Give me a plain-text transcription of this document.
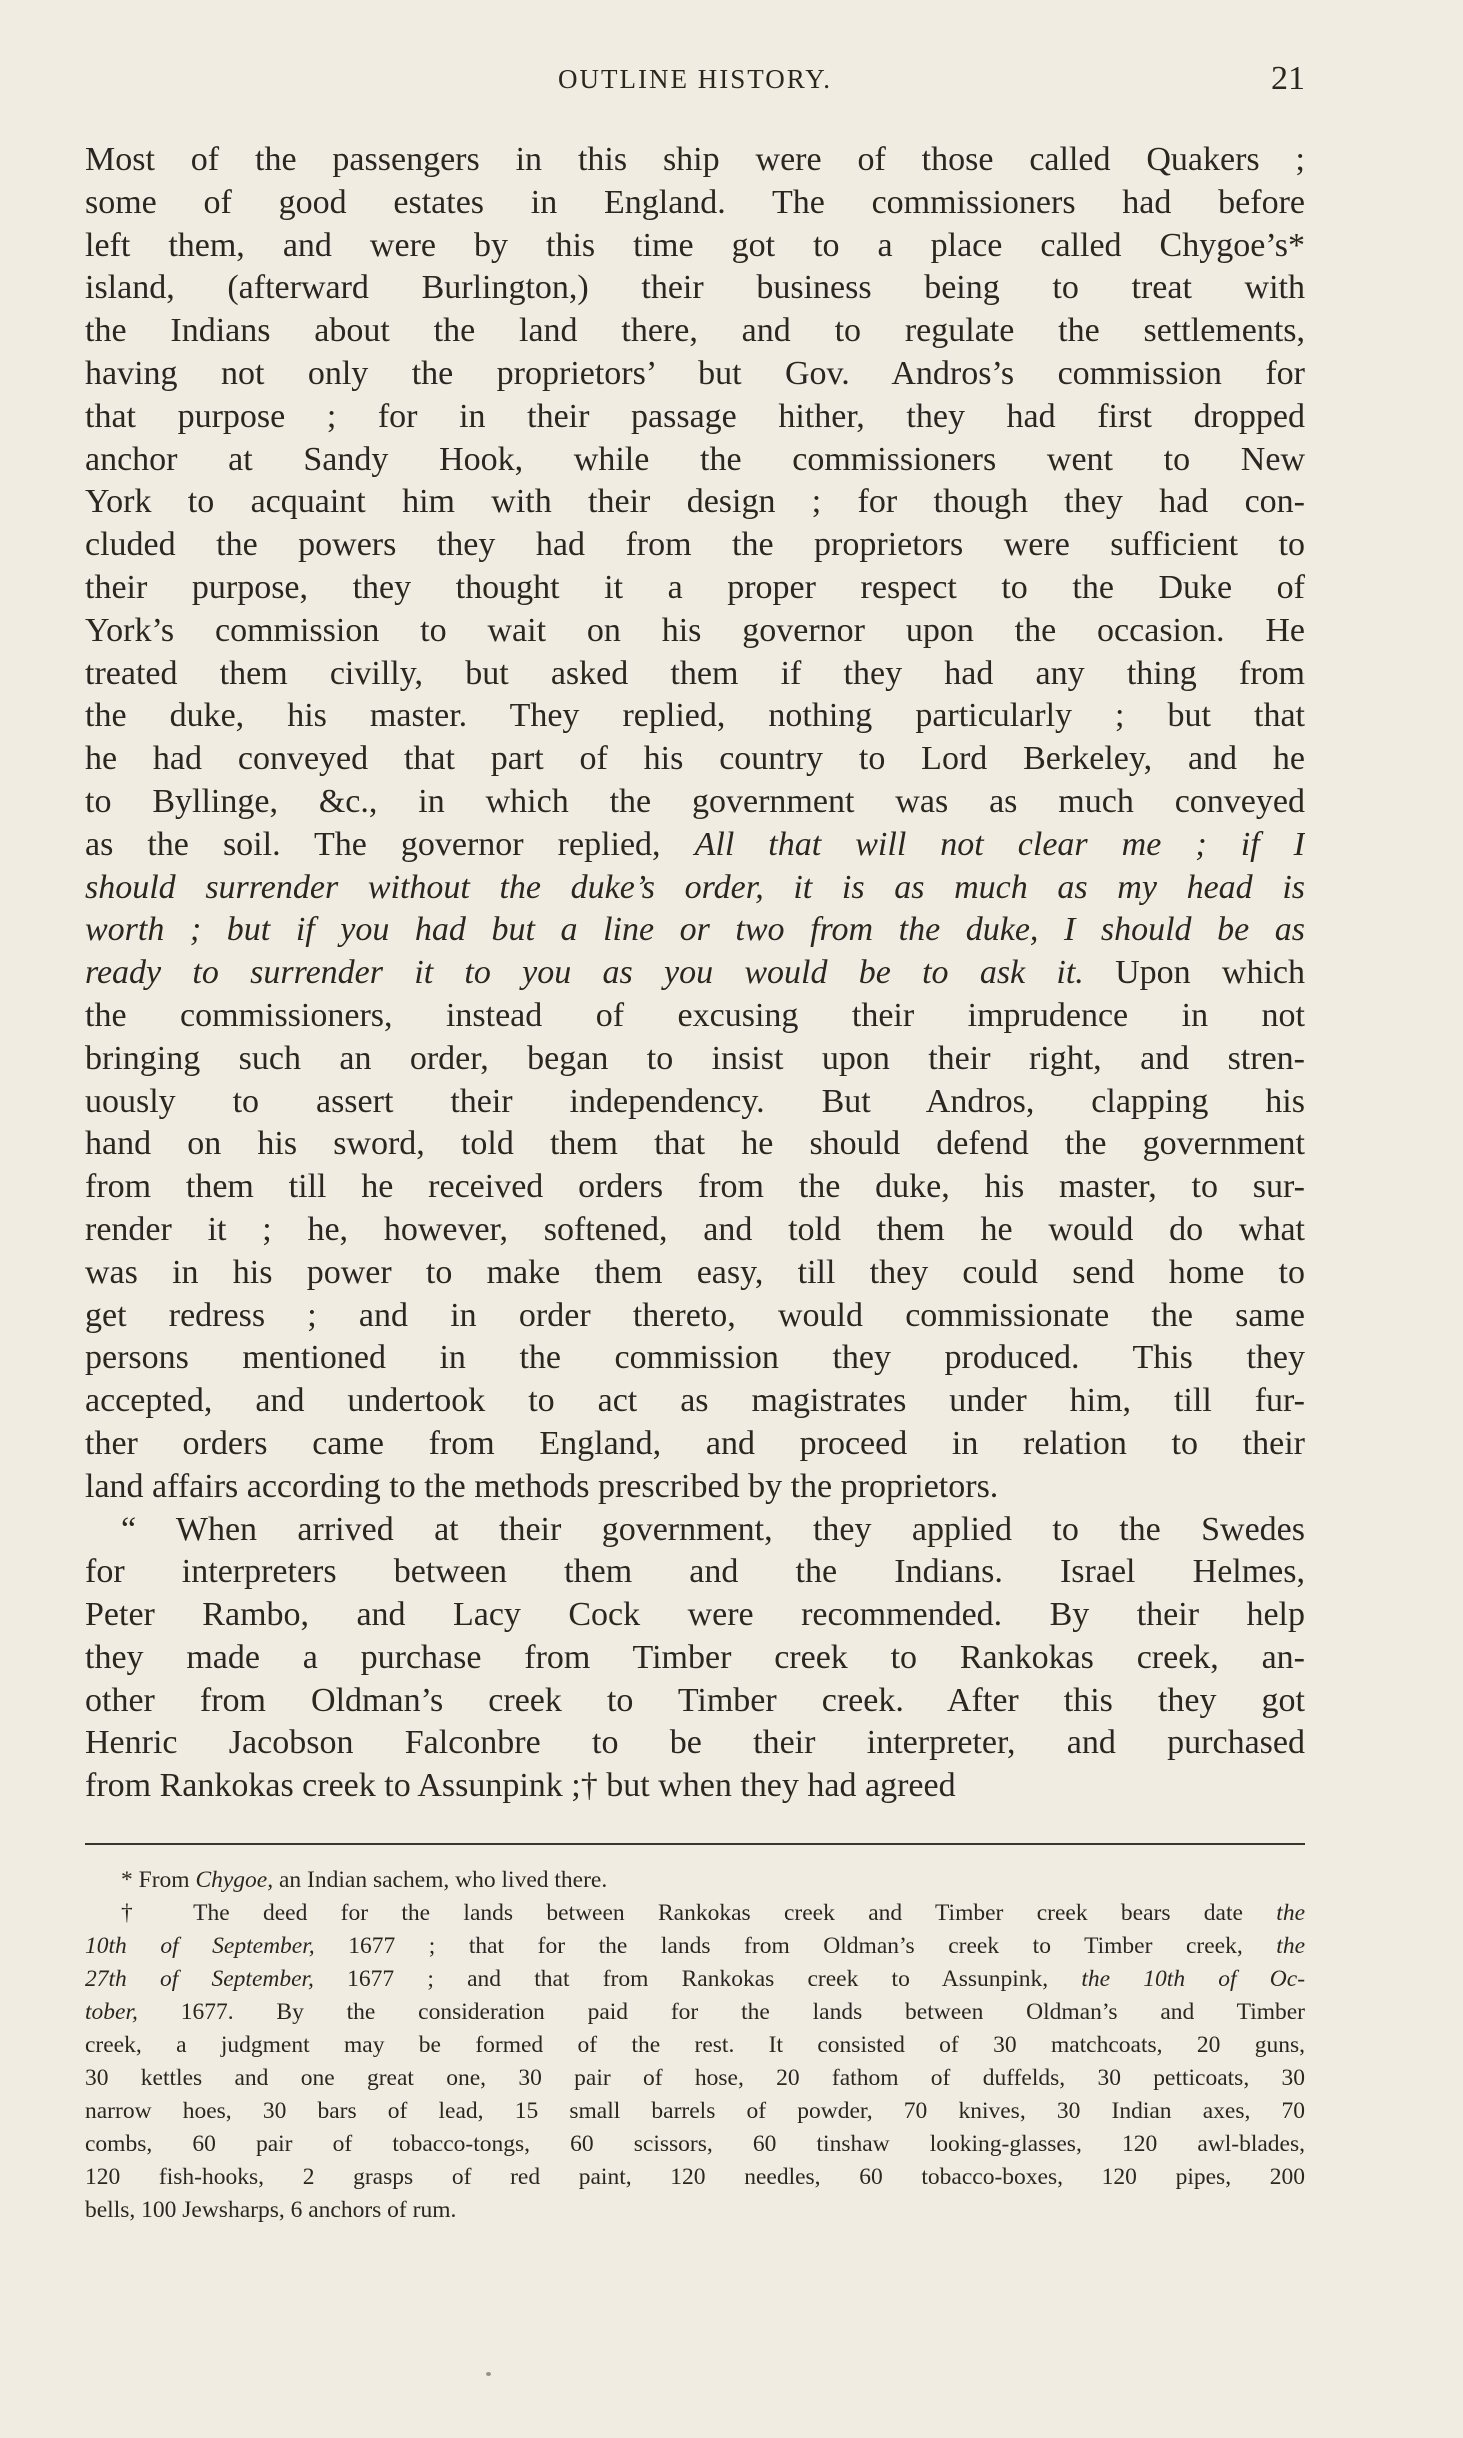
OUTLINE HISTORY.	21
Most of the passengers in this ship were of those called Quakers ;
some of good estates in England. The commissioners had before
left them, and were by this time got to a place called Chygoe’s*
island, (afterward Burlington,) their business being to treat with
the Indians about the land there, and to regulate the settlements,
having not only the proprietors’ but Gov. Andros’s commission for
that purpose ; for in their passage hither, they had first dropped
anchor at Sandy Hook, while the commissioners went to New
York to acquaint him with their design ; for though they had con-
cluded the powers they had from the proprietors were sufficient to
their purpose, they thought it a proper respect to the Duke of
York’s commission to wait on his governor upon the occasion. He
treated them civilly, but asked them if they had any thing from
the duke, his master. They replied, nothing particularly ; but that
he had conveyed that part of his country to Lord Berkeley, and he
to Byllinge, &c., in which the government was as much conveyed
as the soil. The governor replied, All that will not clear me ; if I
should surrender without the duke’s order, it is as much as my head is
worth ; but if you had but a line or two from the duke, I should be as
ready to surrender it to you as you would be to ask it. Upon which
the commissioners, instead of excusing their imprudence in not
bringing such an order, began to insist upon their right, and stren-
uously to assert their independency. But Andros, clapping his
hand on his sword, told them that he should defend the government
from them till he received orders from the duke, his master, to sur-
render it ; he, however, softened, and told them he would do what
was in his power to make them easy, till they could send home to
get redress ; and in order thereto, would commissionate the same
persons mentioned in the commission they produced. This they
accepted, and undertook to act as magistrates under him, till fur-
ther orders came from England, and proceed in relation to their
land affairs according to the methods prescribed by the proprietors.
“ When arrived at their government, they applied to the Swedes
for interpreters between them and the Indians. Israel Helmes,
Peter Rambo, and Lacy Cock were recommended. By their help
they made a purchase from Timber creek to Rankokas creek, an-
other from Oldman’s creek to Timber creek. After this they got
Henric Jacobson Falconbre to be their interpreter, and purchased
from Rankokas creek to Assunpink ;† but when they had agreed
* From Chygoe, an Indian sachem, who lived there.
† The deed for the lands between Rankokas creek and Timber creek bears date the
10th of September, 1677 ; that for the lands from Oldman’s creek to Timber creek, the
27th of September, 1677 ; and that from Rankokas creek to Assunpink, the 10th of Oc-
tober, 1677. By the consideration paid for the lands between Oldman’s and Timber
creek, a judgment may be formed of the rest. It consisted of 30 matchcoats, 20 guns,
30 kettles and one great one, 30 pair of hose, 20 fathom of duffelds, 30 petticoats, 30
narrow hoes, 30 bars of lead, 15 small barrels of powder, 70 knives, 30 Indian axes, 70
combs, 60 pair of tobacco-tongs, 60 scissors, 60 tinshaw looking-glasses, 120 awl-blades,
120 fish-hooks, 2 grasps of red paint, 120 needles, 60 tobacco-boxes, 120 pipes, 200
bells, 100 Jewsharps, 6 anchors of rum.
